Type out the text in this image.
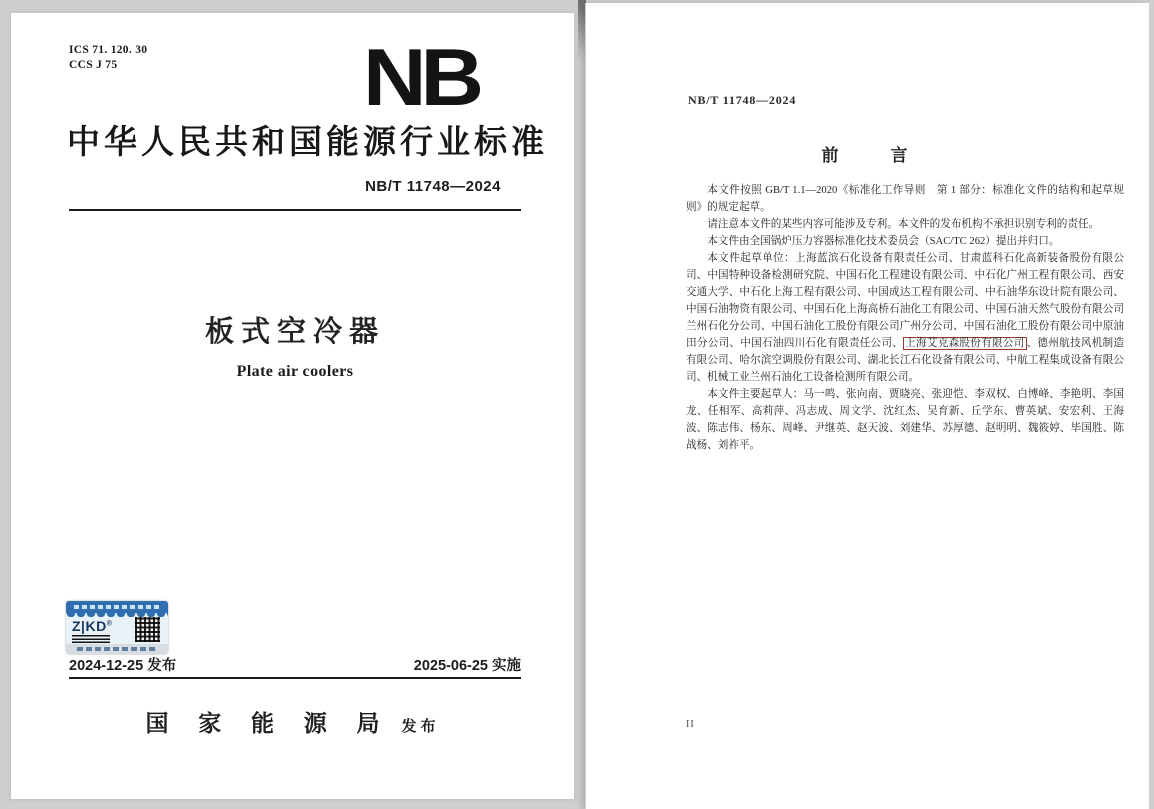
ICS 71. 120. 30
CCS J 75	NB
中华人民共和国能源行业标准
NB/T 11748—2024
板式空冷器
Plate air coolers
Z|KD®
2024-12-25 发布	2025-06-25 实施
国 家 能 源 局 发布
NB/T 11748—2024
前　　言

本文件按照 GB/T 1.1—2020《标准化工作导则　第 1 部分：标准化文件的结构和起草规则》的规定起草。

请注意本文件的某些内容可能涉及专利。本文件的发布机构不承担识别专利的责任。

本文件由全国锅炉压力容器标准化技术委员会（SAC/TC 262）提出并归口。

本文件起草单位：上海蓝滨石化设备有限责任公司、甘肃蓝科石化高新装备股份有限公司、中国特种设备检测研究院、中国石化工程建设有限公司、中石化广州工程有限公司、西安交通大学、中石化上海工程有限公司、中国成达工程有限公司、中石油华东设计院有限公司、中国石油物资有限公司、中国石化上海高桥石油化工有限公司、中国石油天然气股份有限公司兰州石化分公司、中国石油化工股份有限公司广州分公司、中国石油化工股份有限公司中原油田分公司、中国石油四川石化有限责任公司、 上海艾克森股份有限公司 、德州航技风机制造有限公司、哈尔滨空调股份有限公司、湖北长江石化设备有限公司、中航工程集成设备有限公司、机械工业兰州石油化工设备检测所有限公司。

本文件主要起草人：马一鸣、张向南、贾晓亮、张迎恺、李双权、白博峰、李艳明、李国龙、任相军、高莉萍、冯志成、周文学、沈红杰、吴育新、丘学东、曹英斌、安宏利、王海波、陈志伟、杨东、周峰、尹继英、赵天波、刘建华、苏厚德、赵明明、魏筱婷、毕国胜、陈战杨、刘祚平。

II
